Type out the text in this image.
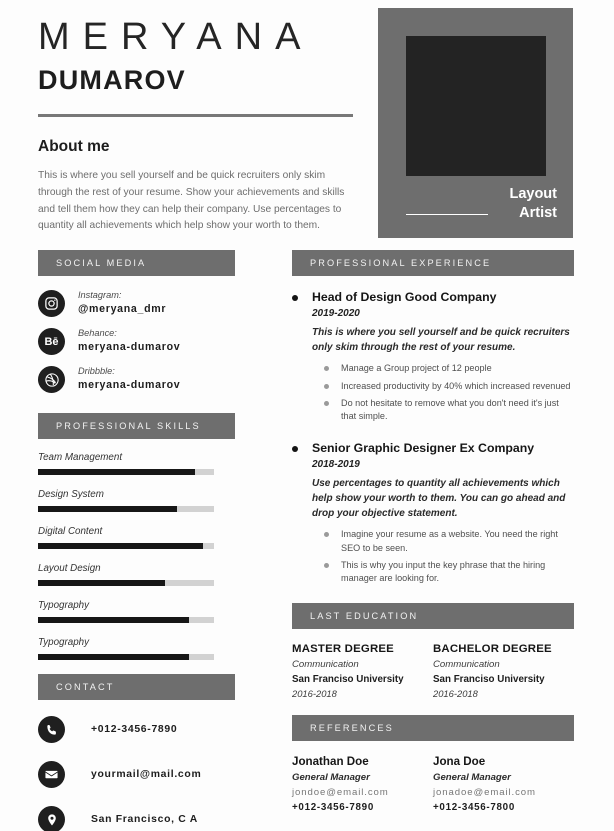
MERYANA
DUMAROV
About me
This is where you sell yourself and be quick recruiters only skim through the rest of your resume. Show your achievements and skills and tell them how they can help their company. Use percentages to quantity all achievements which help show your worth to them.
Layout
Artist
SOCIAL MEDIA
Instagram:
@meryana_dmr
Bē
Behance:
meryana-dumarov
Dribbble:
meryana-dumarov
PROFESSIONAL SKILLS
Team Management
Design System
Digital Content
Layout Design
Typography
Typography
CONTACT
+012-3456-7890
yourmail@mail.com
San Francisco, C A
PROFESSIONAL EXPERIENCE
Head of Design Good Company
2019-2020
This is where you sell yourself and be quick recruiters only skim through the rest of your resume.
Manage a Group project of 12 people
Increased productivity by 40% which increased revenued
Do not hesitate to remove what you don't need it's just that simple.
Senior Graphic Designer Ex Company
2018-2019
Use percentages to quantity all achievements which help show your worth to them. You can go ahead and drop your objective statement.
Imagine your resume as a website. You need the right SEO to be seen.
This is why you input the key phrase that the hiring manager are looking for.
LAST EDUCATION
MASTER DEGREE
Communication
San Franciso University
2016-2018
BACHELOR DEGREE
Communication
San Franciso University
2016-2018
REFERENCES
Jonathan Doe
General Manager
jondoe@email.com
+012-3456-7890
Jona Doe
General Manager
jonadoe@email.com
+012-3456-7800
